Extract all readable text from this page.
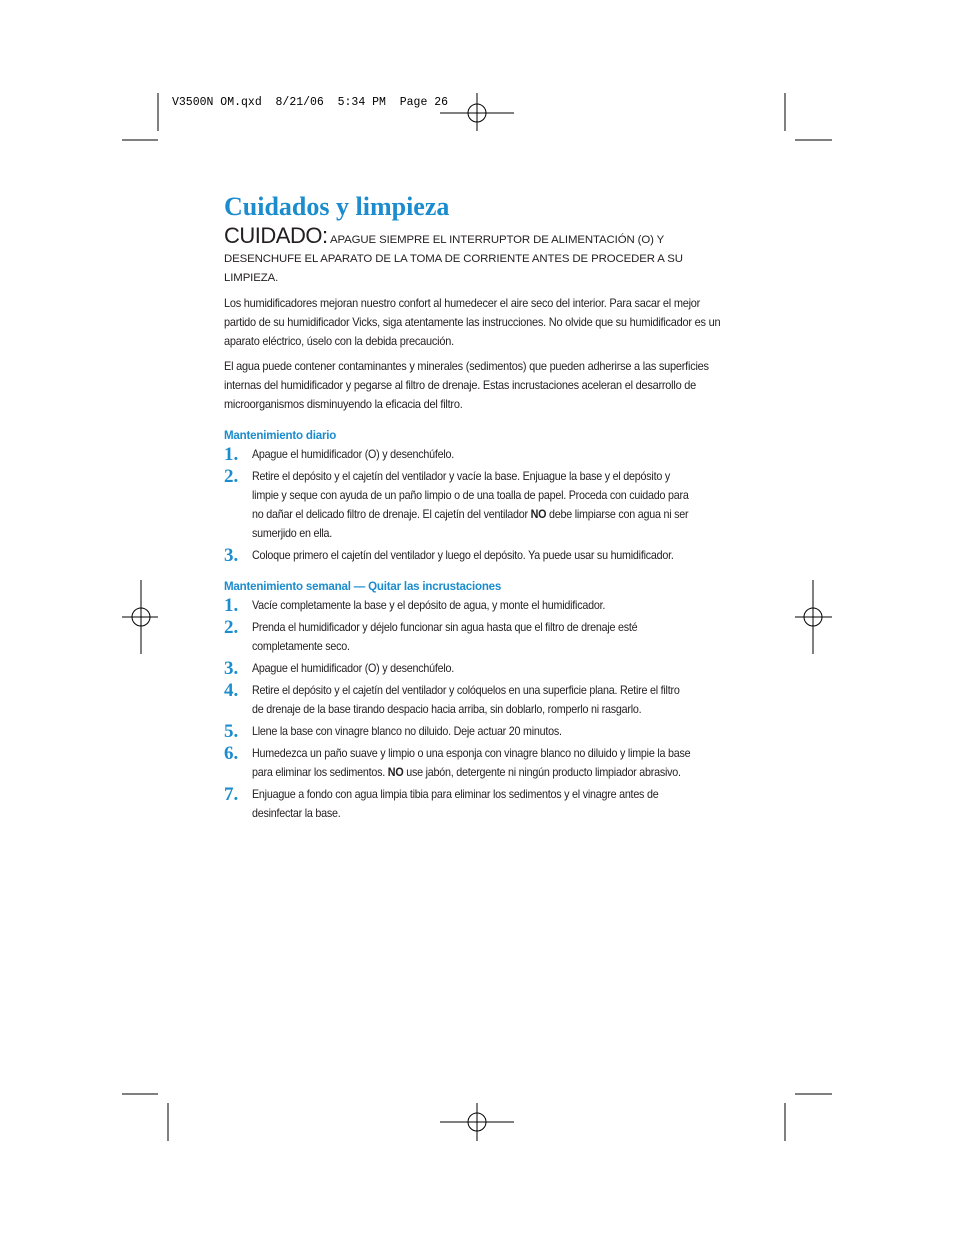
V3500N OM.qxd  8/21/06  5:34 PM  Page 26
Cuidados y limpieza
CUIDADO: APAGUE SIEMPRE EL INTERRUPTOR DE ALIMENTACIÓN (O) Y DESENCHUFE EL APARATO DE LA TOMA DE CORRIENTE ANTES DE PROCEDER A SU LIMPIEZA.

Los humidificadores mejoran nuestro confort al humedecer el aire seco del interior. Para sacar el mejor partido de su humidificador Vicks, siga atentamente las instrucciones. No olvide que su humidificador es un aparato eléctrico, úselo con la debida precaución.

El agua puede contener contaminantes y minerales (sedimentos) que pueden adherirse a las superficies internas del humidificador y pegarse al filtro de drenaje. Estas incrustaciones aceleran el desarrollo de microorganismos disminuyendo la eficacia del filtro.

Mantenimiento diario
1.	Apague el humidificador (O) y desenchúfelo.
2.	Retire el depósito y el cajetín del ventilador y vacíe la base. Enjuague la base y el depósito y limpie y seque con ayuda de un paño limpio o de una toalla de papel. Proceda con cuidado para no dañar el delicado filtro de drenaje. El cajetín del ventilador NO debe limpiarse con agua ni ser sumerjido en ella.
3.	Coloque primero el cajetín del ventilador y luego el depósito. Ya puede usar su humidificador.
Mantenimiento semanal — Quitar las incrustaciones
1.	Vacíe completamente la base y el depósito de agua, y monte el humidificador.
2.	Prenda el humidificador y déjelo funcionar sin agua hasta que el filtro de drenaje esté completamente seco.
3.	Apague el humidificador (O) y desenchúfelo.
4.	Retire el depósito y el cajetín del ventilador y colóquelos en una superficie plana. Retire el filtro de drenaje de la base tirando despacio hacia arriba, sin doblarlo, romperlo ni rasgarlo.
5.	Llene la base con vinagre blanco no diluido. Deje actuar 20 minutos.
6.	Humedezca un paño suave y limpio o una esponja con vinagre blanco no diluido y limpie la base para eliminar los sedimentos. NO use jabón, detergente ni ningún producto limpiador abrasivo.
7.	Enjuague a fondo con agua limpia tibia para eliminar los sedimentos y el vinagre antes de desinfectar la base.
